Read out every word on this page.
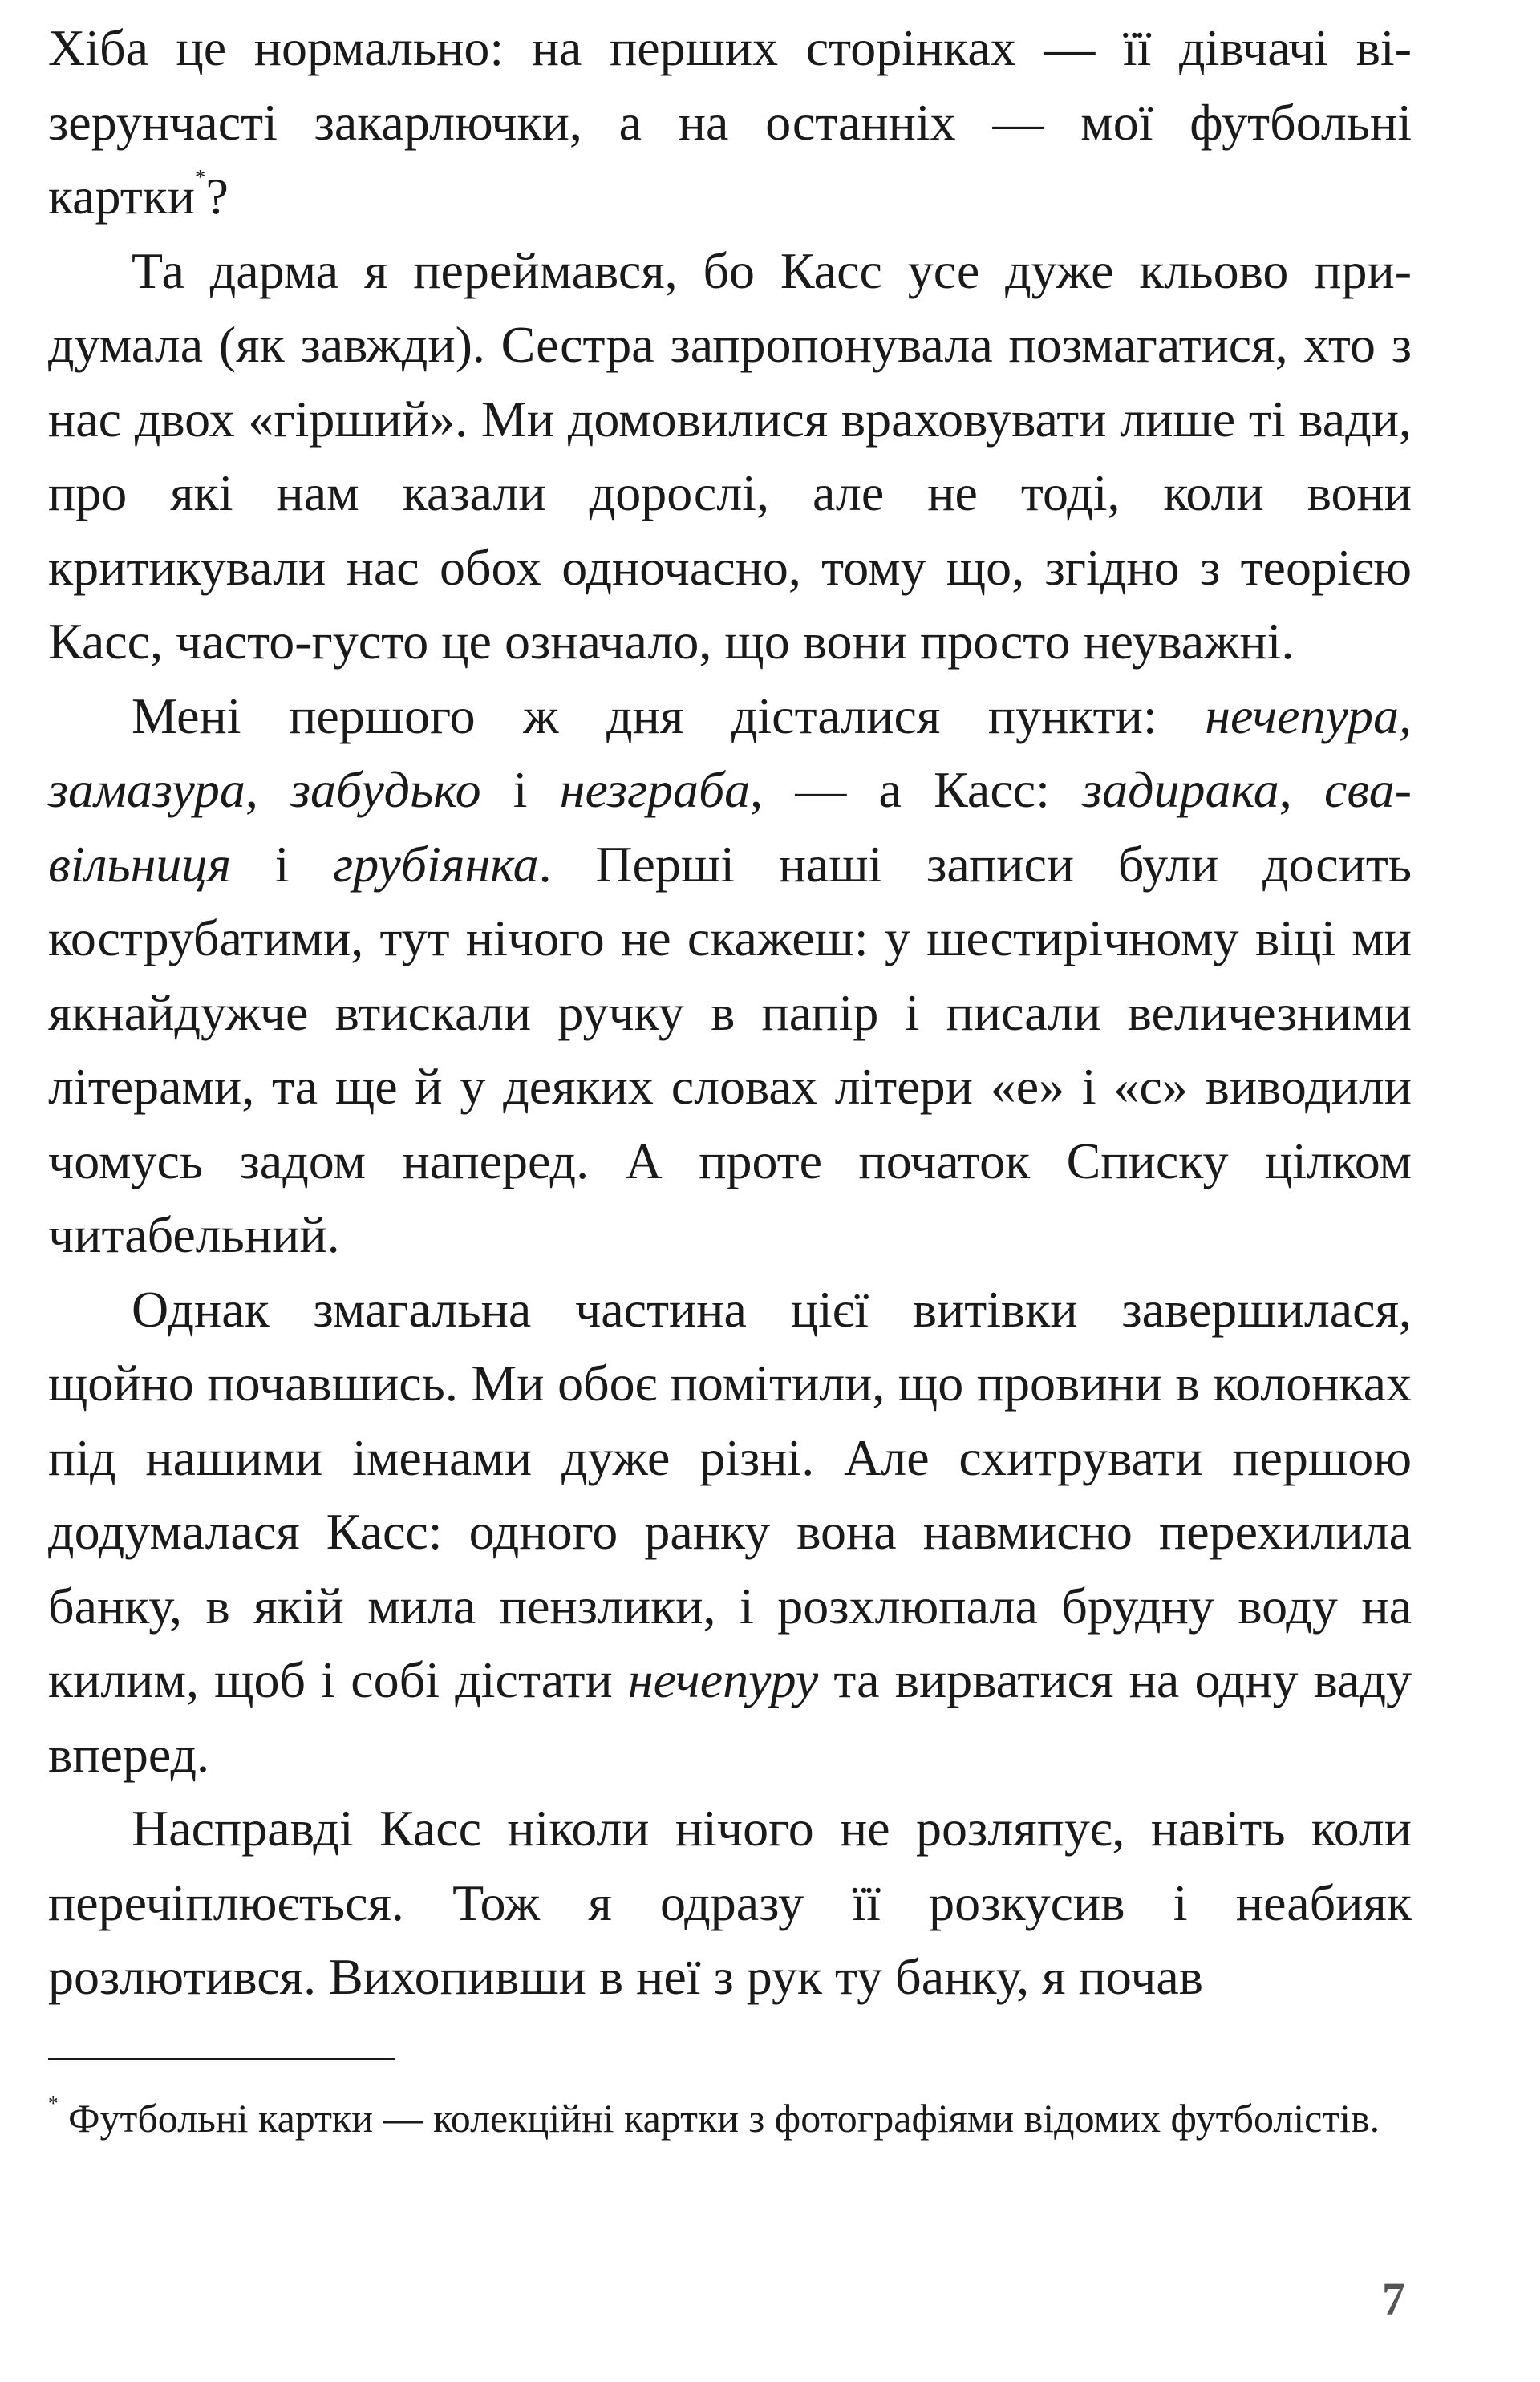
Хіба це нормально: на перших сторінках — її дівчачі візерунчасті закарлючки, а на останніх — мої футбольні картки*?

Та дарма я переймався, бо Касс усе дуже кльово придумала (як завжди). Сестра запропонувала позмагатися, хто з нас двох «гірший». Ми домовилися враховувати лише ті вади, про які нам казали дорослі, але не тоді, коли вони критикували нас обох одночасно, тому що, згідно з теорією Касс, часто-густо це означало, що вони просто неуважні.

Мені першого ж дня дісталися пункти: нечепура, замазура, забудько і незграба, — а Касс: задирака, свавільниця і грубіянка. Перші наші записи були досить кострубатими, тут нічого не скажеш: у шестирічному віці ми якнайдужче втискали ручку в папір і писали величезними літерами, та ще й у деяких словах літери «е» і «с» виводили чомусь задом наперед. А проте початок Списку цілком читабельний.

Однак змагальна частина цієї витівки завершилася, щойно почавшись. Ми обоє помітили, що провини в колонках під нашими іменами дуже різні. Але схитрувати першою додумалася Касс: одного ранку вона навмисно перехилила банку, в якій мила пензлики, і розхлюпала брудну воду на килим, щоб і собі дістати нечепуру та вирватися на одну ваду вперед.

Насправді Касс ніколи нічого не розляпує, навіть коли перечіплюється. Тож я одразу її розкусив і неабияк розлютився. Вихопивши в неї з рук ту банку, я почав

* Футбольні картки — колекційні картки з фотографіями відомих футболістів.

7
